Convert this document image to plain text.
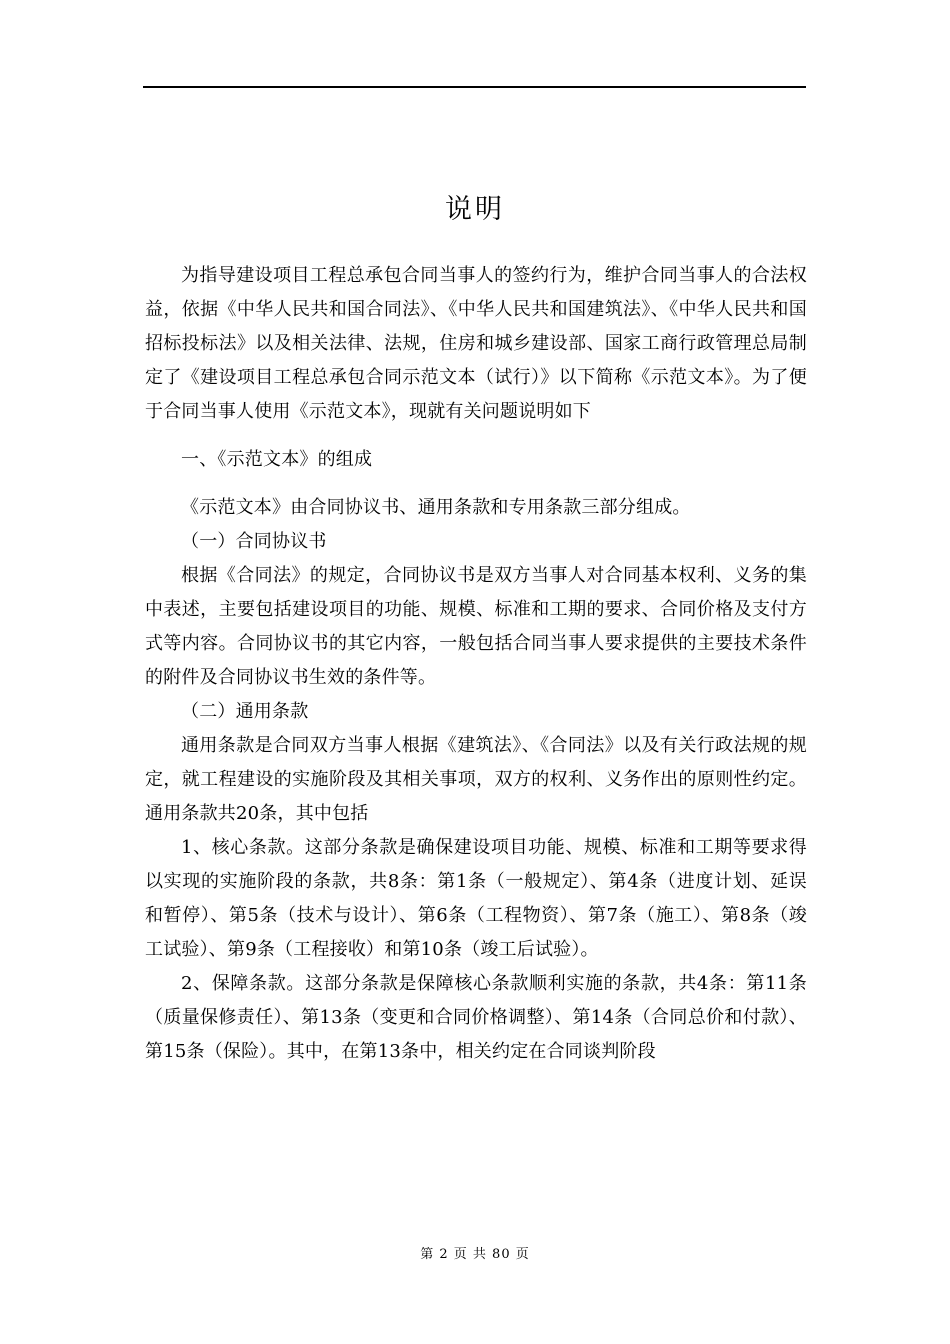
说明

为指导建设项目工程总承包合同当事人的签约行为，维护合同当事人的合法权益，依据《中华人民共和国合同法》、《中华人民共和国建筑法》、《中华人民共和国招标投标法》以及相关法律、法规，住房和城乡建设部、国家工商行政管理总局制定了《建设项目工程总承包合同示范文本（试行）》以下简称《示范文本》。为了便于合同当事人使用《示范文本》，现就有关问题说明如下

一、《示范文本》的组成

《示范文本》由合同协议书、通用条款和专用条款三部分组成。

（一）合同协议书

根据《合同法》的规定，合同协议书是双方当事人对合同基本权利、义务的集中表述，主要包括建设项目的功能、规模、标准和工期的要求、合同价格及支付方式等内容。合同协议书的其它内容，一般包括合同当事人要求提供的主要技术条件的附件及合同协议书生效的条件等。

（二）通用条款

通用条款是合同双方当事人根据《建筑法》、《合同法》以及有关行政法规的规定，就工程建设的实施阶段及其相关事项，双方的权利、义务作出的原则性约定。通用条款共20条，其中包括

1、核心条款。这部分条款是确保建设项目功能、规模、标准和工期等要求得以实现的实施阶段的条款，共8条：第1条（一般规定）、第4条（进度计划、延误和暂停）、第5条（技术与设计）、第6条（工程物资）、第7条（施工）、第8条（竣工试验）、第9条（工程接收）和第10条（竣工后试验）。

2、保障条款。这部分条款是保障核心条款顺利实施的条款，共4条：第11条（质量保修责任）、第13条（变更和合同价格调整）、第14条（合同总价和付款）、第15条（保险）。其中，在第13条中，相关约定在合同谈判阶段

第 2 页 共 80 页
